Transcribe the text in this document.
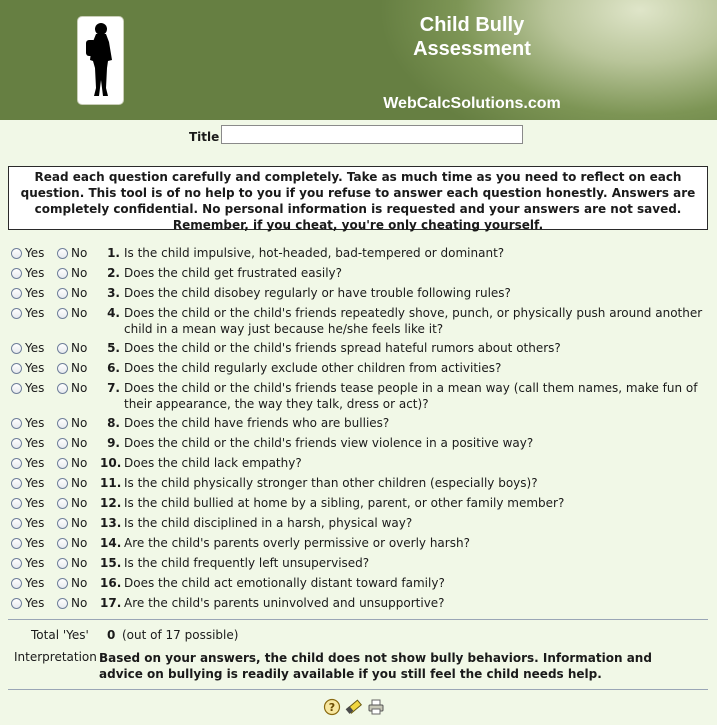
Child Bully
Assessment
WebCalcSolutions.com
Title
Read each question carefully and completely. Take as much time as you need to reflect on each question. This tool is of no help to you if you refuse to answer each question honestly. Answers are completely confidential. No personal information is requested and your answers are not saved. Remember, if you cheat, you're only cheating yourself.
Yes No	1. Is the child impulsive, hot-headed, bad-tempered or dominant?
Yes No	2. Does the child get frustrated easily?
Yes No	3. Does the child disobey regularly or have trouble following rules?
Yes No	4. Does the child or the child's friends repeatedly shove, punch, or physically push around another child in a mean way just because he/she feels like it?
Yes No	5. Does the child or the child's friends spread hateful rumors about others?
Yes No	6. Does the child regularly exclude other children from activities?
Yes No	7. Does the child or the child's friends tease people in a mean way (call them names, make fun of their appearance, the way they talk, dress or act)?
Yes No	8. Does the child have friends who are bullies?
Yes No	9. Does the child or the child's friends view violence in a positive way?
Yes No 10. Does the child lack empathy?
Yes No 11. Is the child physically stronger than other children (especially boys)?
Yes No 12. Is the child bullied at home by a sibling, parent, or other family member?
Yes No 13. Is the child disciplined in a harsh, physical way?
Yes No 14. Are the child's parents overly permissive or overly harsh?
Yes No 15. Is the child frequently left unsupervised?
Yes No 16. Does the child act emotionally distant toward family?
Yes No 17. Are the child's parents uninvolved and unsupportive?
Total 'Yes' 0 (out of 17 possible)
Interpretation Based on your answers, the child does not show bully behaviors. Information and advice on bullying is readily available if you still feel the child needs help.
?
